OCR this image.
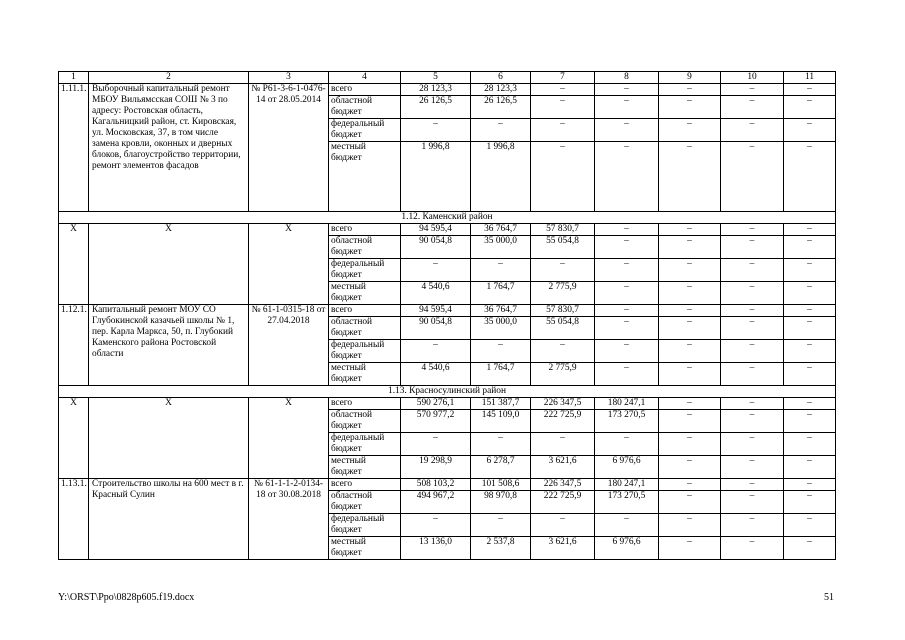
1	2	3	4	5	6	7	8	9	10	11
1.11.1.	Выборочный капитальный ремонт МБОУ Вильямсская СОШ № 3 по адресу: Ростовская область, Кагальницкий район, ст. Кировская, ул. Московская, 37, в том числе замена кровли, оконных и дверных блоков, благоустройство территории, ремонт элементов фасадов	№ Р61-3-6-1-0476-14 от 28.05.2014	всего	28 123,3	28 123,3	–	–	–	–	–
			областной бюджет	26 126,5	26 126,5	–	–	–	–	–
			федеральный бюджет	–	–	–	–	–	–	–
			местный бюджет	1 996,8	1 996,8	–	–	–	–	–
1.12. Каменский район										
Х	Х	Х	всего	94 595,4	36 764,7	57 830,7	–	–	–	–
			областной бюджет	90 054,8	35 000,0	55 054,8	–	–	–	–
			федеральный бюджет	–	–	–	–	–	–	–
			местный бюджет	4 540,6	1 764,7	2 775,9	–	–	–	–
1.12.1.	Капитальный ремонт МОУ СО Глубокинской казачьей школы № 1, пер. Карла Маркса, 50, п. Глубокий Каменского района Ростовской области	№ 61-1-0315-18 от 27.04.2018	всего	94 595,4	36 764,7	57 830,7	–	–	–	–
			областной бюджет	90 054,8	35 000,0	55 054,8	–	–	–	–
			федеральный бюджет	–	–	–	–	–	–	–
			местный бюджет	4 540,6	1 764,7	2 775,9	–	–	–	–
1.13. Красносулинский район										
Х	Х	Х	всего	590 276,1	151 387,7	226 347,5	180 247,1	–	–	–
			областной бюджет	570 977,2	145 109,0	222 725,9	173 270,5	–	–	–
			федеральный бюджет	–	–	–	–	–	–	–
			местный бюджет	19 298,9	6 278,7	3 621,6	6 976,6	–	–	–
1.13.1.	Строительство школы на 600 мест в г. Красный Сулин	№ 61-1-1-2-0134-18 от 30.08.2018	всего	508 103,2	101 508,6	226 347,5	180 247,1	–	–	–
			областной бюджет	494 967,2	98 970,8	222 725,9	173 270,5	–	–	–
			федеральный бюджет	–	–	–	–	–	–	–
			местный бюджет	13 136,0	2 537,8	3 621,6	6 976,6	–	–	–
Y:\ORST\Ppo\0828p605.f19.docx	51
